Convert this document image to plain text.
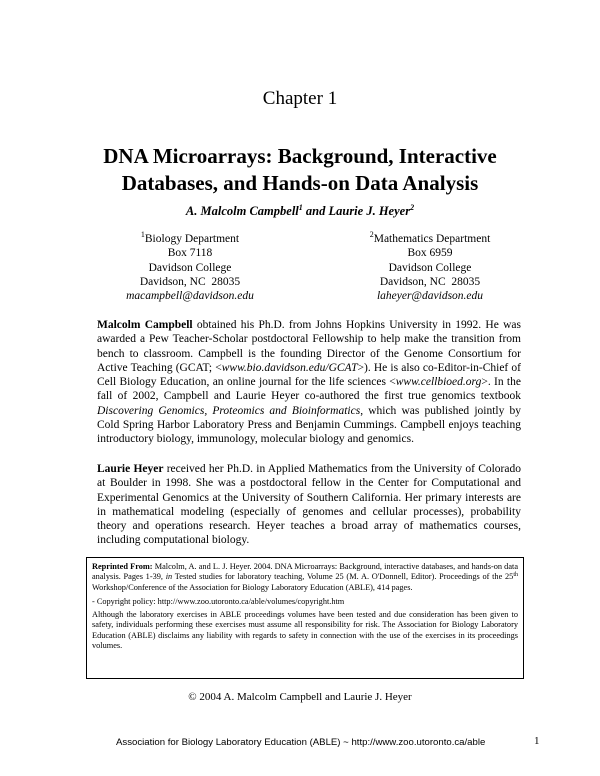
Chapter 1
DNA Microarrays: Background, Interactive Databases, and Hands-on Data Analysis
A. Malcolm Campbell$^1$ and Laurie J. Heyer$^2$
$^1$Biology Department
Box 7118
Davidson College
Davidson, NC  28035
macampbell@davidson.edu
$^2$Mathematics Department
Box 6959
Davidson College
Davidson, NC  28035
laheyer@davidson.edu
Malcolm Campbell obtained his Ph.D. from Johns Hopkins University in 1992. He was awarded a Pew Teacher-Scholar postdoctoral Fellowship to help make the transition from bench to classroom. Campbell is the founding Director of the Genome Consortium for Active Teaching (GCAT; <www.bio.davidson.edu/GCAT>). He is also co-Editor-in-Chief of Cell Biology Education, an online journal for the life sciences <www.cellbioed.org>. In the fall of 2002, Campbell and Laurie Heyer co-authored the first true genomics textbook Discovering Genomics, Proteomics and Bioinformatics, which was published jointly by Cold Spring Harbor Laboratory Press and Benjamin Cummings. Campbell enjoys teaching introductory biology, immunology, molecular biology and genomics.
Laurie Heyer received her Ph.D. in Applied Mathematics from the University of Colorado at Boulder in 1998. She was a postdoctoral fellow in the Center for Computational and Experimental Genomics at the University of Southern California. Her primary interests are in mathematical modeling (especially of genomes and cellular processes), probability theory and operations research. Heyer teaches a broad array of mathematics courses, including computational biology.

Reprinted From: Malcolm, A. and L. J. Heyer. 2004. DNA Microarrays: Background, interactive databases, and hands-on data analysis. Pages 1-39, in Tested studies for laboratory teaching, Volume 25 (M. A. O'Donnell, Editor). Proceedings of the 25th Workshop/Conference of the Association for Biology Laboratory Education (ABLE), 414 pages.

- Copyright policy: http://www.zoo.utoronto.ca/able/volumes/copyright.htm

Although the laboratory exercises in ABLE proceedings volumes have been tested and due consideration has been given to safety, individuals performing these exercises must assume all responsibility for risk. The Association for Biology Laboratory Education (ABLE) disclaims any liability with regards to safety in connection with the use of the exercises in its proceedings volumes.

© 2004 A. Malcolm Campbell and Laurie J. Heyer
Association for Biology Laboratory Education (ABLE) ~ http://www.zoo.utoronto.ca/able	1
